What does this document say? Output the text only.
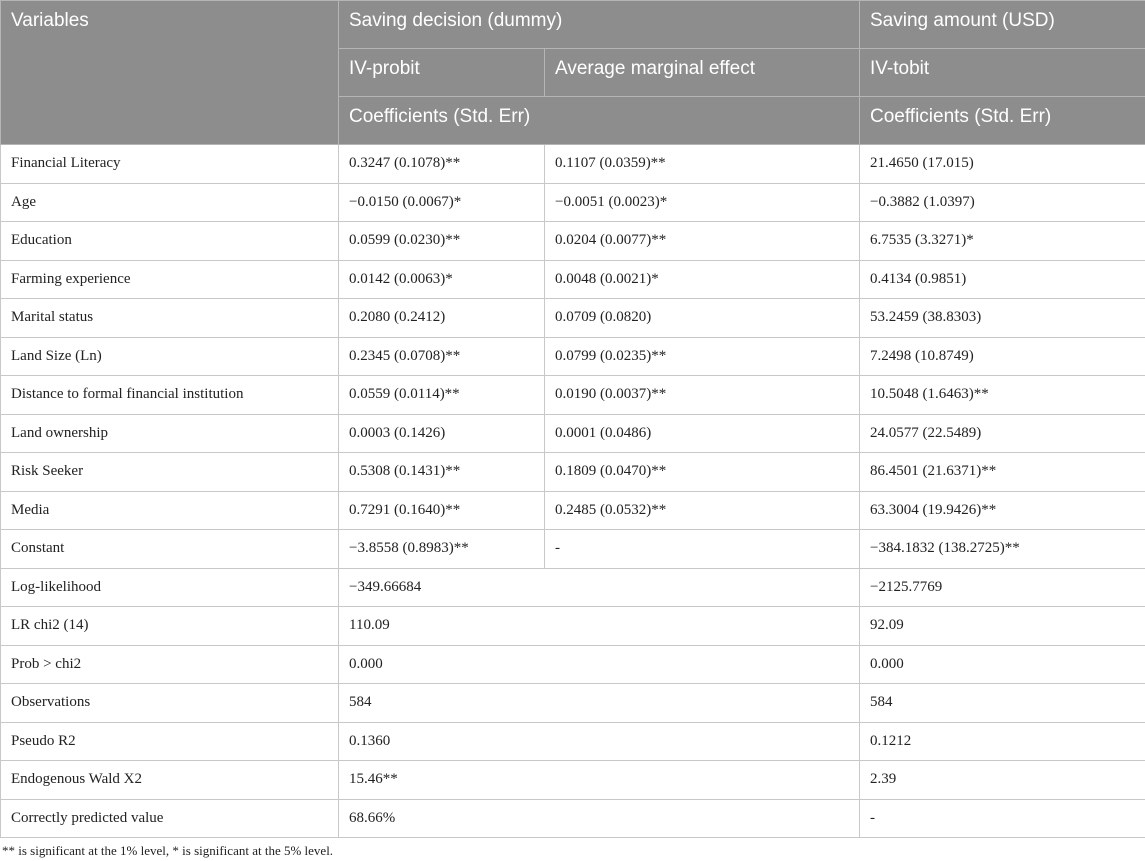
Variables	Saving decision (dummy)		Saving amount (USD)
	IV-probit	Average marginal effect	IV-tobit
	Coefficients (Std. Err)		Coefficients (Std. Err)
Financial Literacy	0.3247 (0.1078)**	0.1107 (0.0359)**	21.4650 (17.015)
Age	−0.0150 (0.0067)*	−0.0051 (0.0023)*	−0.3882 (1.0397)
Education	0.0599 (0.0230)**	0.0204 (0.0077)**	6.7535 (3.3271)*
Farming experience	0.0142 (0.0063)*	0.0048 (0.0021)*	0.4134 (0.9851)
Marital status	0.2080 (0.2412)	0.0709 (0.0820)	53.2459 (38.8303)
Land Size (Ln)	0.2345 (0.0708)**	0.0799 (0.0235)**	7.2498 (10.8749)
Distance to formal financial institution	0.0559 (0.0114)**	0.0190 (0.0037)**	10.5048 (1.6463)**
Land ownership	0.0003 (0.1426)	0.0001 (0.0486)	24.0577 (22.5489)
Risk Seeker	0.5308 (0.1431)**	0.1809 (0.0470)**	86.4501 (21.6371)**
Media	0.7291 (0.1640)**	0.2485 (0.0532)**	63.3004 (19.9426)**
Constant	−3.8558 (0.8983)**	-	−384.1832 (138.2725)**
Log-likelihood	−349.66684		−2125.7769
LR chi2 (14)	110.09		92.09
Prob > chi2	0.000		0.000
Observations	584		584
Pseudo R2	0.1360		0.1212
Endogenous Wald X2	15.46**		2.39
Correctly predicted value	68.66%		-
** is significant at the 1% level, * is significant at the 5% level.
